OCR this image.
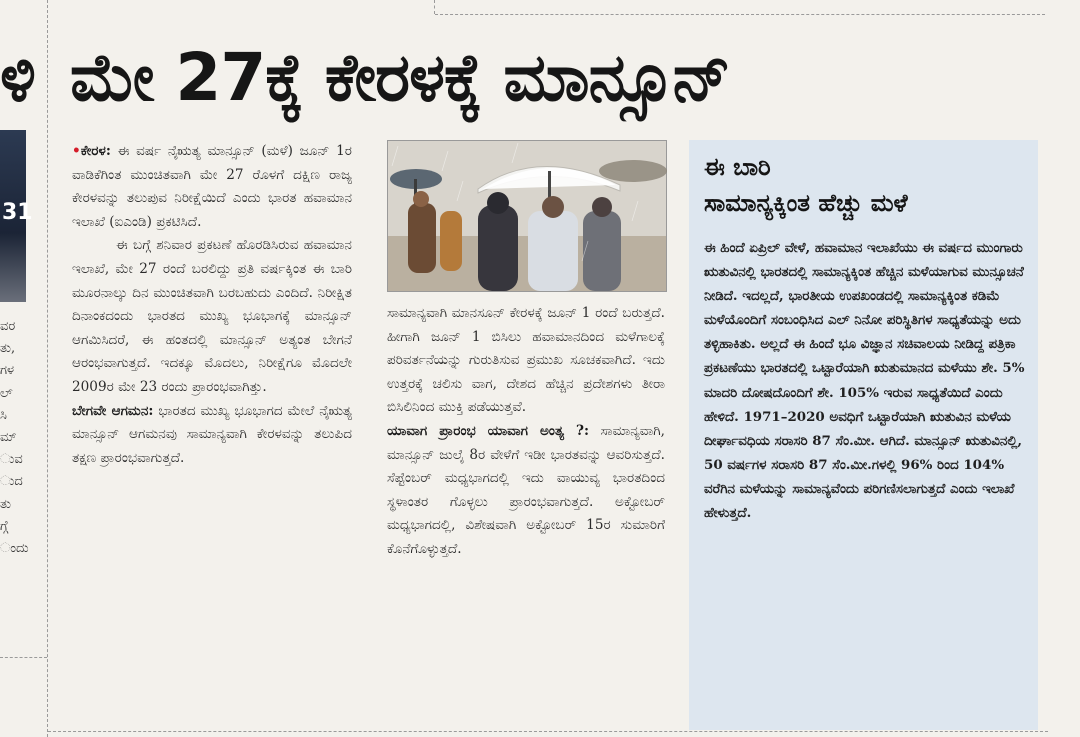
ಳಿ
31
ವರ
ತು,
ಗಳ
ಲ್
ಸಿ
ಮ್
ುವ
ುದ
ತು
ಗ್ಗೆ
ಂದು
ಮೇ 27ಕ್ಕೆ ಕೇರಳಕ್ಕೆ ಮಾನ್ಸೂನ್

•ಕೇರಳ: ಈ ವರ್ಷ ನೈಋತ್ಯ ಮಾನ್ಸೂನ್ (ಮಳೆ) ಜೂನ್ 1ರ ವಾಡಿಕೆಗಿಂತ ಮುಂಚಿತವಾಗಿ ಮೇ 27 ರೊಳಗೆ ದಕ್ಷಿಣ ರಾಜ್ಯ ಕೇರಳವನ್ನು ತಲುಪುವ ನಿರೀಕ್ಷೆಯಿದೆ ಎಂದು ಭಾರತ ಹವಾಮಾನ ಇಲಾಖೆ (ಐಎಂಡಿ) ಪ್ರಕಟಿಸಿದೆ.

ಈ ಬಗ್ಗೆ ಶನಿವಾರ ಪ್ರಕಟಣೆ ಹೊರಡಿಸಿರುವ ಹವಾಮಾನ ಇಲಾಖೆ, ಮೇ 27 ರಂದೆ ಬರಲಿದ್ದು ಪ್ರತಿ ವರ್ಷಕ್ಕಿಂತ ಈ ಬಾರಿ ಮೂರನಾಲ್ಕು ದಿನ ಮುಂಚಿತವಾಗಿ ಬರಬಹುದು ಎಂದಿದೆ. ನಿರೀಕ್ಷಿತ ದಿನಾಂಕದಂದು ಭಾರತದ ಮುಖ್ಯ ಭೂಭಾಗಕ್ಕೆ ಮಾನ್ಸೂನ್ ಆಗಮಿಸಿದರೆ, ಈ ಹಂತದಲ್ಲಿ ಮಾನ್ಸೂನ್ ಅತ್ಯಂತ ಬೇಗನೆ ಆರಂಭವಾಗುತ್ತದೆ. ಇದಕ್ಕೂ ಮೊದಲು, ನಿರೀಕ್ಷೆಗೂ ಮೊದಲೇ 2009ರ ಮೇ 23 ರಂದು ಪ್ರಾರಂಭವಾಗಿತ್ತು.

ಬೇಗವೇ ಆಗಮನ: ಭಾರತದ ಮುಖ್ಯ ಭೂಭಾಗದ ಮೇಲೆ ನೈಋತ್ಯ ಮಾನ್ಸೂನ್ ಆಗಮನವು ಸಾಮಾನ್ಯವಾಗಿ ಕೇರಳವನ್ನು ತಲುಪಿದ ತಕ್ಷಣ ಪ್ರಾರಂಭವಾಗುತ್ತದೆ.

ಸಾಮಾನ್ಯವಾಗಿ ಮಾನಸೂನ್ ಕೇರಳಕ್ಕೆ ಜೂನ್ 1 ರಂದೆ ಬರುತ್ತದೆ. ಹೀಗಾಗಿ ಜೂನ್ 1 ಬಿಸಿಲು ಹವಾಮಾನದಿಂದ ಮಳೆಗಾಲಕ್ಕೆ ಪರಿವರ್ತನೆಯನ್ನು ಗುರುತಿಸುವ ಪ್ರಮುಖ ಸೂಚಕವಾಗಿದೆ. ಇದು ಉತ್ತರಕ್ಕೆ ಚಲಿಸು ವಾಗ, ದೇಶದ ಹೆಚ್ಚಿನ ಪ್ರದೇಶಗಳು ತೀರಾ ಬಿಸಿಲಿನಿಂದ ಮುಕ್ತಿ ಪಡೆಯುತ್ತವೆ.

ಯಾವಾಗ ಪ್ರಾರಂಭ ಯಾವಾಗ ಅಂತ್ಯ ?: ಸಾಮಾನ್ಯವಾಗಿ, ಮಾನ್ಸೂನ್ ಜುಲೈ 8ರ ವೇಳೆಗೆ ಇಡೀ ಭಾರತವನ್ನು ಆವರಿಸುತ್ತದೆ. ಸೆಪ್ಟೆಂಬರ್ ಮಧ್ಯಭಾಗದಲ್ಲಿ ಇದು ವಾಯುವ್ಯ ಭಾರತದಿಂದ ಸ್ಥಳಾಂತರ ಗೊಳ್ಳಲು ಪ್ರಾರಂಭವಾಗುತ್ತದೆ. ಅಕ್ಟೋಬರ್ ಮಧ್ಯಭಾಗದಲ್ಲಿ, ವಿಶೇಷವಾಗಿ ಅಕ್ಟೋಬರ್ 15ರ ಸುಮಾರಿಗೆ ಕೊನೆಗೊಳ್ಳುತ್ತದೆ.

ಈ ಬಾರಿ
ಸಾಮಾನ್ಯಕ್ಕಿಂತ ಹೆಚ್ಚು ಮಳೆ

ಈ ಹಿಂದೆ ಏಪ್ರಿಲ್ ವೇಳೆ, ಹವಾಮಾನ ಇಲಾಖೆಯು ಈ ವರ್ಷದ ಮುಂಗಾರು ಋತುವಿನಲ್ಲಿ ಭಾರತದಲ್ಲಿ ಸಾಮಾನ್ಯಕ್ಕಿಂತ ಹೆಚ್ಚಿನ ಮಳೆಯಾಗುವ ಮುನ್ಸೂಚನೆ ನೀಡಿದೆ. ಇದಲ್ಲದೆ, ಭಾರತೀಯ ಉಪಖಂಡದಲ್ಲಿ ಸಾಮಾನ್ಯಕ್ಕಿಂತ ಕಡಿಮೆ ಮಳೆಯೊಂದಿಗೆ ಸಂಬಂಧಿಸಿದ ಎಲ್ ನಿನೋ ಪರಿಸ್ಥಿತಿಗಳ ಸಾಧ್ಯತೆಯನ್ನು ಅದು ತಳ್ಳಿಹಾಕಿತು. ಅಲ್ಲದೆ ಈ ಹಿಂದೆ ಭೂ ವಿಜ್ಞಾನ ಸಚಿವಾಲಯ ನೀಡಿದ್ದ ಪತ್ರಿಕಾ ಪ್ರಕಟಣೆಯು ಭಾರತದಲ್ಲಿ ಒಟ್ಟಾರೆಯಾಗಿ ಋತುಮಾನದ ಮಳೆಯು ಶೇ. 5% ಮಾದರಿ ದೋಷದೊಂದಿಗೆ ಶೇ. 105% ಇರುವ ಸಾಧ್ಯತೆಯಿದೆ ಎಂದು ಹೇಳಿದೆ. 1971–2020 ಅವಧಿಗೆ ಒಟ್ಟಾರೆಯಾಗಿ ಋತುವಿನ ಮಳೆಯ ದೀರ್ಘಾವಧಿಯ ಸರಾಸರಿ 87 ಸೆಂ.ಮೀ. ಆಗಿದೆ. ಮಾನ್ಸೂನ್ ಋತುವಿನಲ್ಲಿ, 50 ವರ್ಷಗಳ ಸರಾಸರಿ 87 ಸೆಂ.ಮೀ.ಗಳಲ್ಲಿ 96% ರಿಂದ 104% ವರೆಗಿನ ಮಳೆಯನ್ನು ಸಾಮಾನ್ಯವೆಂದು ಪರಿಗಣಿಸಲಾಗುತ್ತದೆ ಎಂದು ಇಲಾಖೆ ಹೇಳುತ್ತದೆ.
